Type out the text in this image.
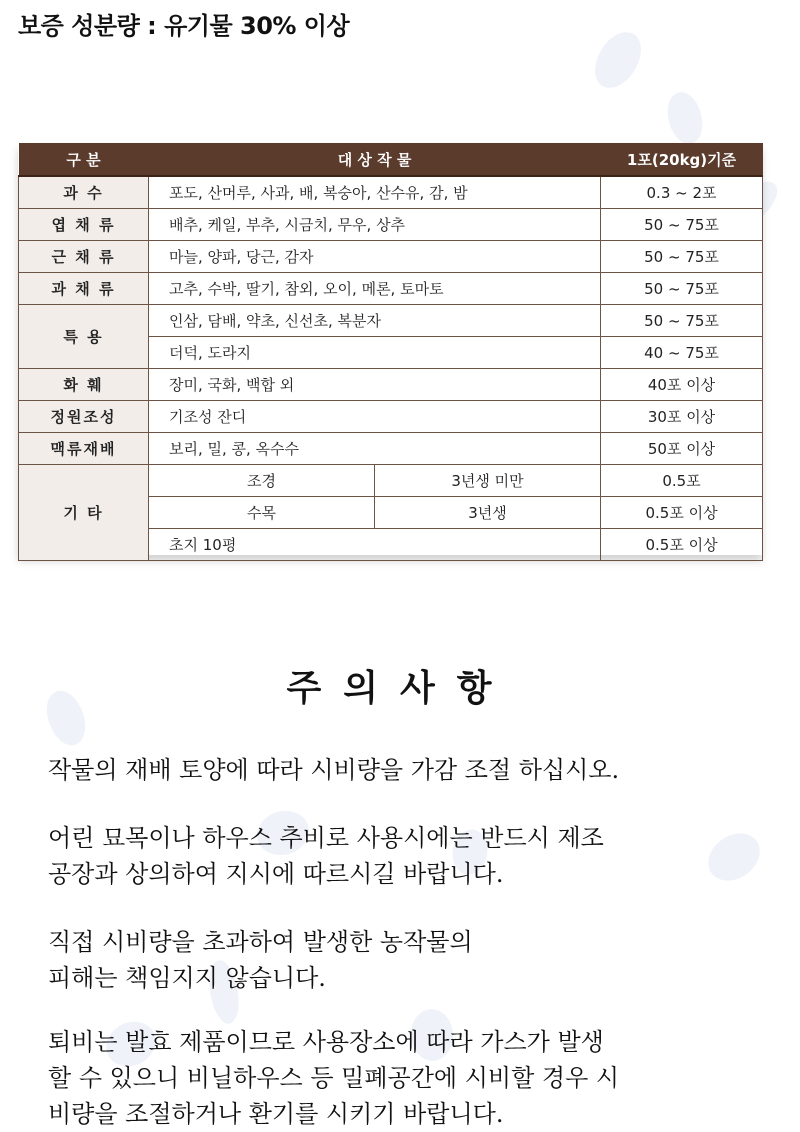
보증 성분량 : 유기물 30% 이상
구 분	대 상 작 물		1포(20kg)기준
과 수	포도, 산머루, 사과, 배, 복숭아, 산수유, 감, 밤		0.3 ~ 2포
엽 채 류	배추, 케일, 부추, 시금치, 무우, 상추		50 ~ 75포
근 채 류	마늘, 양파, 당근, 감자		50 ~ 75포
과 채 류	고추, 수박, 딸기, 참외, 오이, 메론, 토마토		50 ~ 75포
특 용	인삼, 담배, 약초, 신선초, 복분자		50 ~ 75포
	더덕, 도라지		40 ~ 75포
화 훼	장미, 국화, 백합 외		40포 이상
정원조성	기조성 잔디		30포 이상
맥류재배	보리, 밀, 콩, 옥수수		50포 이상
기 타	조경	3년생 미만	0.5포
	수목	3년생	0.5포 이상
	초지 10평		0.5포 이상
주의사항
작물의 재배 토양에 따라 시비량을 가감 조절 하십시오.
어린 묘목이나 하우스 추비로 사용시에는 반드시 제조
공장과 상의하여 지시에 따르시길 바랍니다.
직접 시비량을 초과하여 발생한 농작물의
피해는 책임지지 않습니다.
퇴비는 발효 제품이므로 사용장소에 따라 가스가 발생
할 수 있으니 비닐하우스 등 밀폐공간에 시비할 경우 시
비량을 조절하거나 환기를 시키기 바랍니다.
